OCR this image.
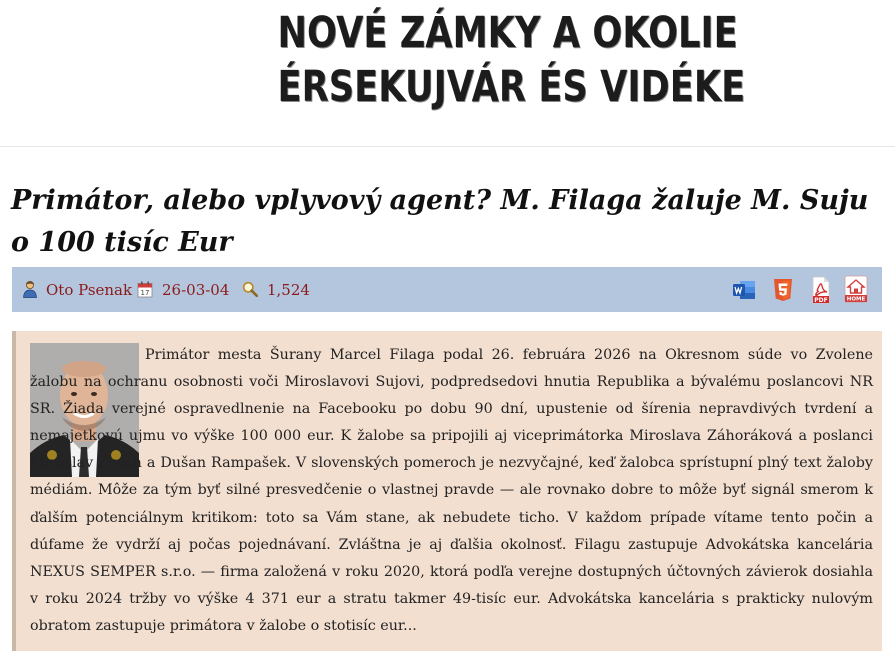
NOVÉ ZÁMKY A OKOLIE
ÉRSEKUJVÁR ÉS VIDÉKE
Primátor, alebo vplyvový agent? M. Filaga žaluje M. Suju o 100 tisíc Eur
Oto Psenak 17 26-03-04	1,524
PDF	HOME

Primátor mesta Šurany Marcel Filaga podal 26. februára 2026 na Okresnom súde vo Zvolene žalobu na ochranu osobnosti voči Miroslavovi Sujovi, podpredsedovi hnutia Republika a bývalému poslancovi NR SR. Žiada verejné ospravedlnenie na Facebooku po dobu 90 dní, upustenie od šírenia nepravdivých tvrdení a nemajetkovú ujmu vo výške 100 000 eur. K žalobe sa pripojili aj viceprimátorka Miroslava Záhoráková a poslanci Miroslav Žvach a Dušan Rampašek. V slovenských pomeroch je nezvyčajné, keď žalobca sprístupní plný text žaloby médiám. Môže za tým byť silné presvedčenie o vlastnej pravde — ale rovnako dobre to môže byť signál smerom k ďalším potenciálnym kritikom: toto sa Vám stane, ak nebudete ticho. V každom prípade vítame tento počin a dúfame že vydrží aj počas pojednávaní. Zvláštna je aj ďalšia okolnosť. Filagu zastupuje Advokátska kancelária NEXUS SEMPER s.r.o. — firma založená v roku 2020, ktorá podľa verejne dostupných účtovných závierok dosiahla v roku 2024 tržby vo výške 4 371 eur a stratu takmer 49-tisíc eur. Advokátska kancelária s prakticky nulovým obratom zastupuje primátora v žalobe o stotisíc eur...
